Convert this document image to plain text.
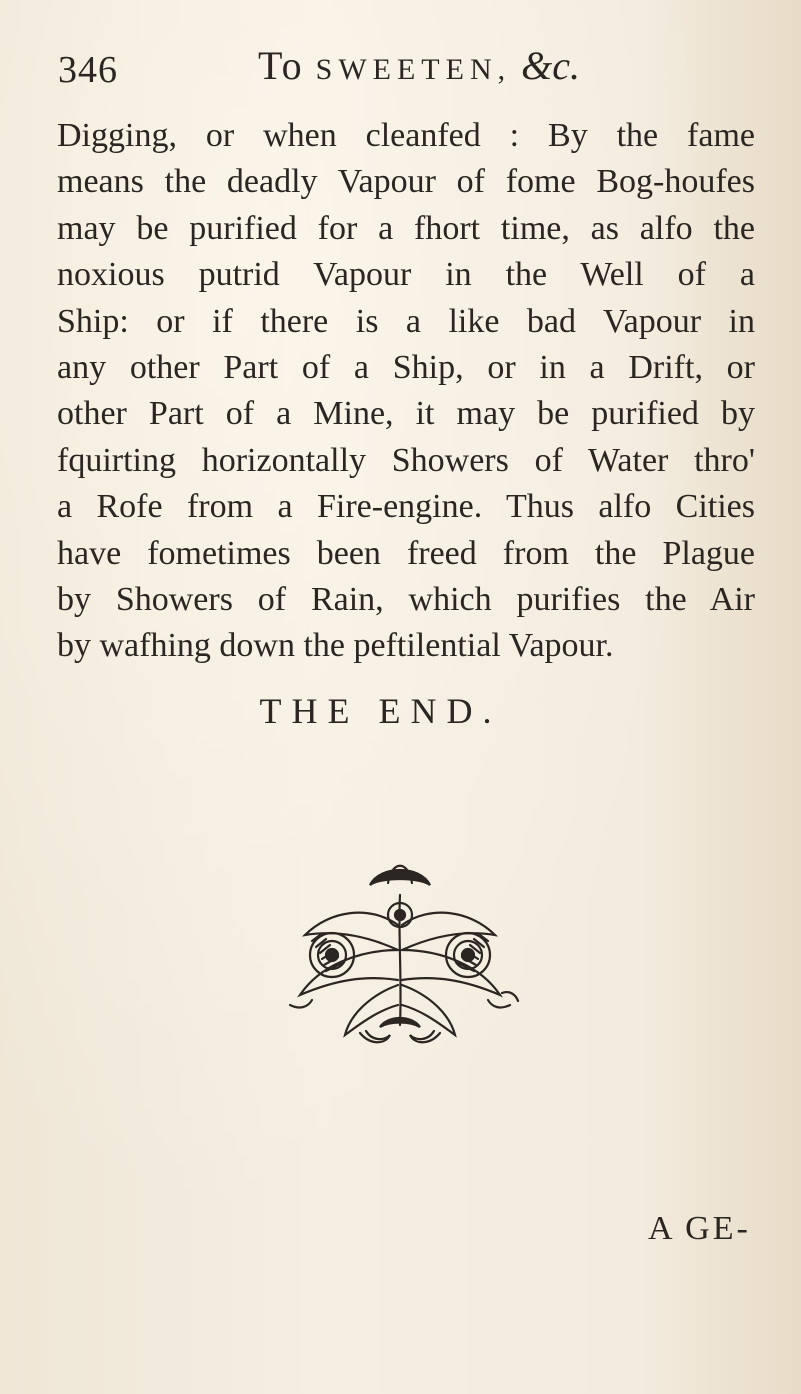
346	To SWEETEN, &c.
Digging, or when cleanfed : By the fame
means the deadly Vapour of fome Bog-houfes
may be purified for a fhort time, as alfo the
noxious putrid Vapour in the Well of a
Ship: or if there is a like bad Vapour in
any other Part of a Ship, or in a Drift, or
other Part of a Mine, it may be purified by
fquirting horizontally Showers of Water thro'
a Rofe from a Fire-engine. Thus alfo Cities
have fometimes been freed from the Plague
by Showers of Rain, which purifies the Air
by wafhing down the peftilential Vapour.
THE END.
A GE-
